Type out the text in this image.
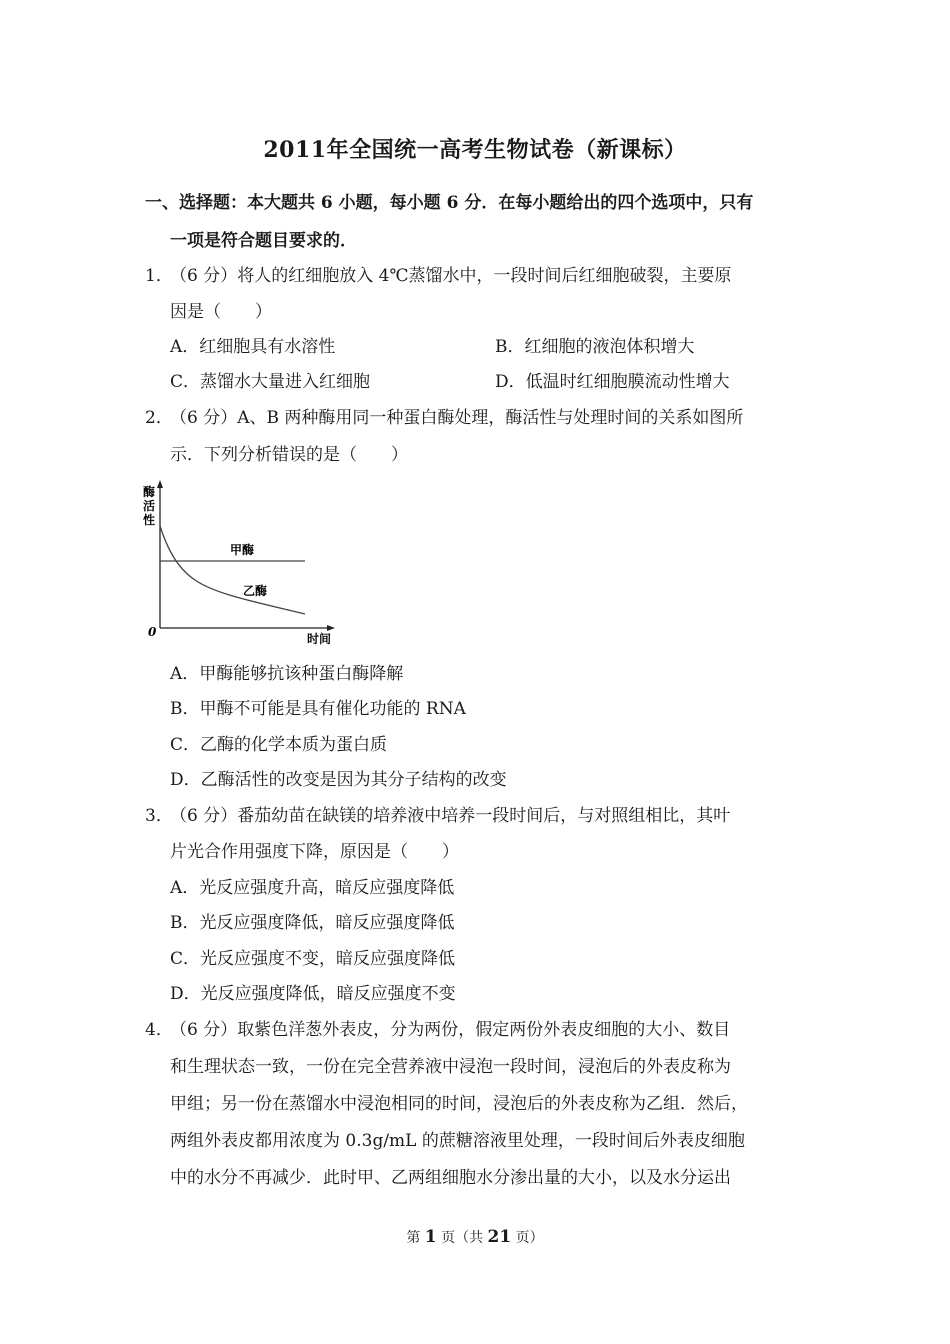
2011年全国统一高考生物试卷（新课标）
一、选择题：本大题共 6 小题，每小题 6 分．在每小题给出的四个选项中，只有
一项是符合题目要求的．
1．
（6 分）将人的红细胞放入 4℃蒸馏水中，一段时间后红细胞破裂，主要原
因是（　　）
A．红细胞具有水溶性	B．红细胞的液泡体积增大
C．蒸馏水大量进入红细胞	D．低温时红细胞膜流动性增大
2．
（6 分）A、B 两种酶用同一种蛋白酶处理，酶活性与处理时间的关系如图所
示．下列分析错误的是（　　）
酶
活
性
0	时间
甲酶
乙酶
A．甲酶能够抗该种蛋白酶降解
B．甲酶不可能是具有催化功能的 RNA
C．乙酶的化学本质为蛋白质
D．乙酶活性的改变是因为其分子结构的改变
3．
（6 分）番茄幼苗在缺镁的培养液中培养一段时间后，与对照组相比，其叶
片光合作用强度下降，原因是（　　）
A．光反应强度升高，暗反应强度降低
B．光反应强度降低，暗反应强度降低
C．光反应强度不变，暗反应强度降低
D．光反应强度降低，暗反应强度不变
4．
（6 分）取紫色洋葱外表皮，分为两份，假定两份外表皮细胞的大小、数目
和生理状态一致，一份在完全营养液中浸泡一段时间，浸泡后的外表皮称为
甲组；另一份在蒸馏水中浸泡相同的时间，浸泡后的外表皮称为乙组．然后，
两组外表皮都用浓度为 0.3g/mL 的蔗糖溶液里处理，一段时间后外表皮细胞
中的水分不再减少．此时甲、乙两组细胞水分渗出量的大小，以及水分运出
第 1 页（共 21 页）
